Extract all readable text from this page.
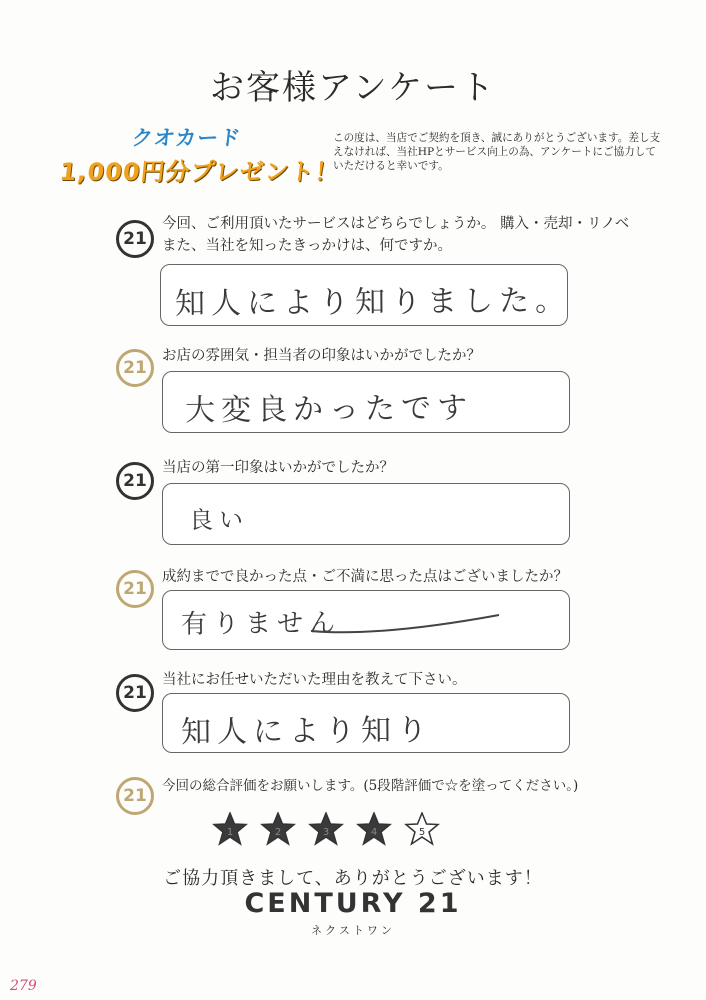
お客様アンケート
クオカード
1,000円分プレゼント！
この度は、当店でご契約を頂き、誠にありがとうございます。差し支えなければ、当社HPとサービス向上の為、アンケートにご協力していただけると幸いです。
21
今回、ご利用頂いたサービスはどちらでしょうか。 購入・売却・リノベ
また、当社を知ったきっかけは、何ですか。
知人により知りました。
21
お店の雰囲気・担当者の印象はいかがでしたか？
大変良かったです
21
当店の第一印象はいかがでしたか？
良い
21
成約までで良かった点・ご不満に思った点はございましたか？
有りません
21
当社にお任せいただいた理由を教えて下さい。
知人により知り
21	今回の総合評価をお願いします。(5段階評価で☆を塗ってください。)
1	2	3	4	5
ご協力頂きまして、ありがとうございます！
CENTURY 21
ネクストワン
279
